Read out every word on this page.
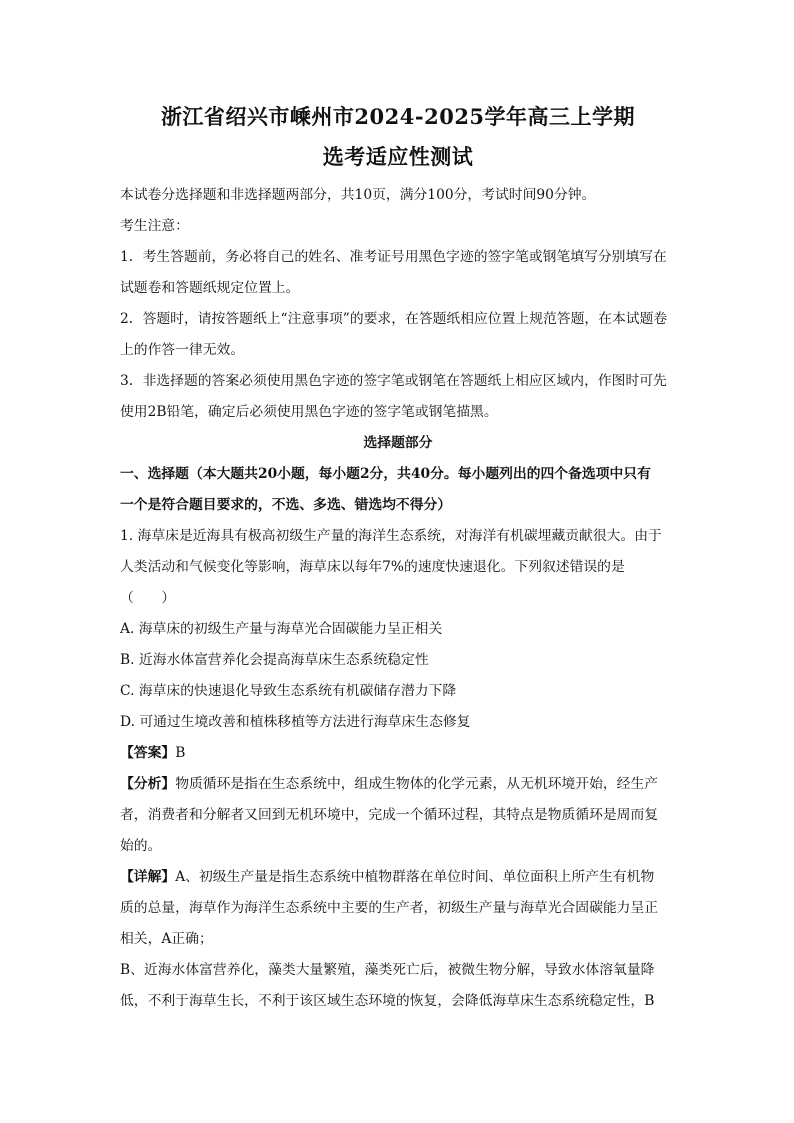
浙江省绍兴市嵊州市2024-2025学年高三上学期

选考适应性测试

本试卷分选择题和非选择题两部分，共10页，满分100分，考试时间90分钟。

考生注意：

1．考生答题前，务必将自己的姓名、准考证号用黑色字迹的签字笔或钢笔填写分别填写在

试题卷和答题纸规定位置上。

2．答题时，请按答题纸上“注意事项”的要求，在答题纸相应位置上规范答题，在本试题卷

上的作答一律无效。

3．非选择题的答案必须使用黑色字迹的签字笔或钢笔在答题纸上相应区域内，作图时可先

使用2B铅笔，确定后必须使用黑色字迹的签字笔或钢笔描黑。

选择题部分

一、选择题（本大题共20小题，每小题2分，共40分。每小题列出的四个备选项中只有

一个是符合题目要求的，不选、多选、错选均不得分）

1. 海草床是近海具有极高初级生产量的海洋生态系统，对海洋有机碳埋藏贡献很大。由于

人类活动和气候变化等影响，海草床以每年7%的速度快速退化。下列叙述错误的是

（　　）

A. 海草床的初级生产量与海草光合固碳能力呈正相关

B. 近海水体富营养化会提高海草床生态系统稳定性

C. 海草床的快速退化导致生态系统有机碳储存潜力下降

D. 可通过生境改善和植株移植等方法进行海草床生态修复

【答案】B

【分析】物质循环是指在生态系统中，组成生物体的化学元素，从无机环境开始，经生产

者，消费者和分解者又回到无机环境中，完成一个循环过程，其特点是物质循环是周而复

始的。

【详解】A、初级生产量是指生态系统中植物群落在单位时间、单位面积上所产生有机物

质的总量，海草作为海洋生态系统中主要的生产者，初级生产量与海草光合固碳能力呈正

相关，A正确；

B、近海水体富营养化，藻类大量繁殖，藻类死亡后，被微生物分解，导致水体溶氧量降

低，不利于海草生长，不利于该区域生态环境的恢复，会降低海草床生态系统稳定性，B
